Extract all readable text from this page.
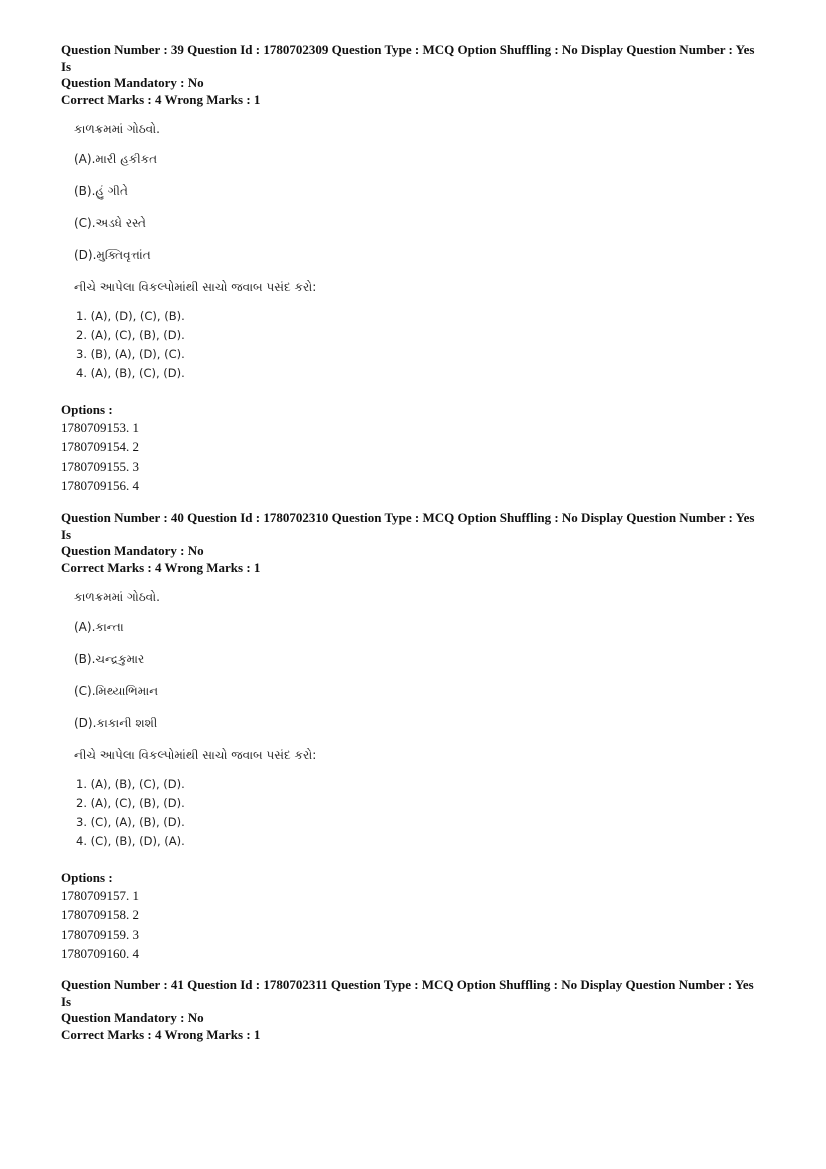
Question Number : 39 Question Id : 1780702309 Question Type : MCQ Option Shuffling : No Display Question Number : Yes Is

Question Mandatory : No

Correct Marks : 4 Wrong Marks : 1

કાળક્રમમાં ગોઠવો.

(A).મારી હકીકત

(B).હું ગીતે

(C).અડધે રસ્તે

(D).મુક્તિવૃત્તાંત

નીચે આપેલા વિકલ્પોમાંથી સાચો જવાબ પસંદ કરો:

1. (A), (D), (C), (B).
2. (A), (C), (B), (D).
3. (B), (A), (D), (C).
4. (A), (B), (C), (D).

Options :

1780709153. 1

1780709154. 2

1780709155. 3

1780709156. 4

Question Number : 40 Question Id : 1780702310 Question Type : MCQ Option Shuffling : No Display Question Number : Yes Is

Question Mandatory : No

Correct Marks : 4 Wrong Marks : 1

કાળક્રમમાં ગોઠવો.

(A).કાન્તા

(B).ચન્દ્રકુમાર

(C).મિથ્યાભિમાન

(D).કાકાની શશી

નીચે આપેલા વિકલ્પોમાંથી સાચો જવાબ પસંદ કરો:

1. (A), (B), (C), (D).
2. (A), (C), (B), (D).
3. (C), (A), (B), (D).
4. (C), (B), (D), (A).

Options :

1780709157. 1

1780709158. 2

1780709159. 3

1780709160. 4

Question Number : 41 Question Id : 1780702311 Question Type : MCQ Option Shuffling : No Display Question Number : Yes Is

Question Mandatory : No

Correct Marks : 4 Wrong Marks : 1
